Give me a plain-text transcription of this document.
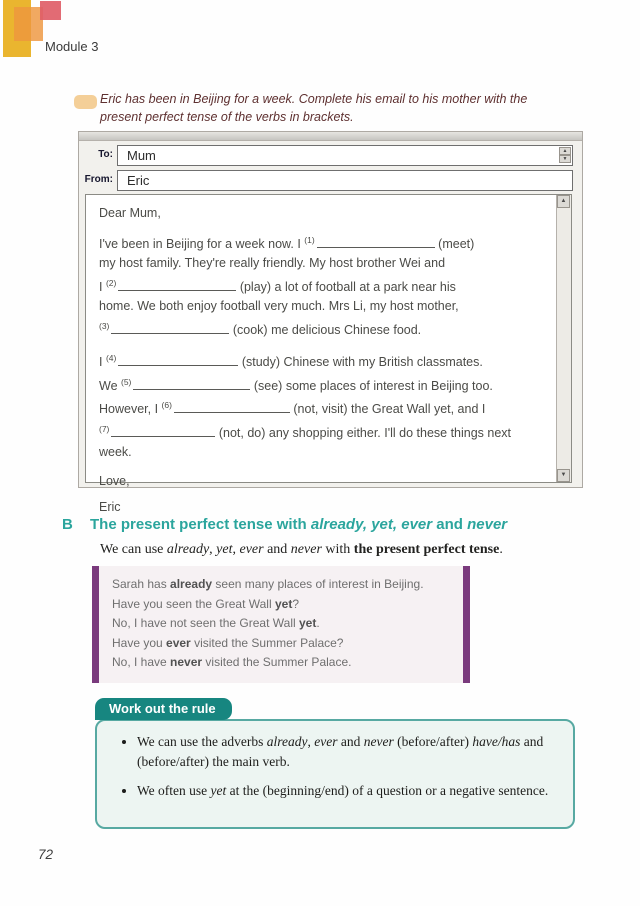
Module 3
Eric has been in Beijing for a week. Complete his email to his mother with the
present perfect tense of the verbs in brackets.
To:	Mum	▲
▼
From:	Eric
Dear Mum,
I've been in Beijing for a week now. I $^{(1)}$	(meet)
my host family. They're really friendly. My host brother Wei and
I $^{(2)}$	(play) a lot of football at a park near his
home. We both enjoy football very much. Mrs Li, my host mother,
$^{(3)}$	(cook) me delicious Chinese food.
I $^{(4)}$	(study) Chinese with my British classmates.
We $^{(5)}$	(see) some places of interest in Beijing too.
However, I $^{(6)}$	(not, visit) the Great Wall yet, and I
$^{(7)}$	(not, do) any shopping either. I'll do these things next
week.
Love,
Eric
▲
▼
B The present perfect tense with already, yet, ever and never
We can use already, yet, ever and never with the present perfect tense.
Sarah has already seen many places of interest in Beijing.
Have you seen the Great Wall yet?
No, I have not seen the Great Wall yet.
Have you ever visited the Summer Palace?
No, I have never visited the Summer Palace.
Work out the rule
• We can use the adverbs already, ever and never (before/after) have/has and (before/after) the main verb.
• We often use yet at the (beginning/end) of a question or a negative sentence.
72
